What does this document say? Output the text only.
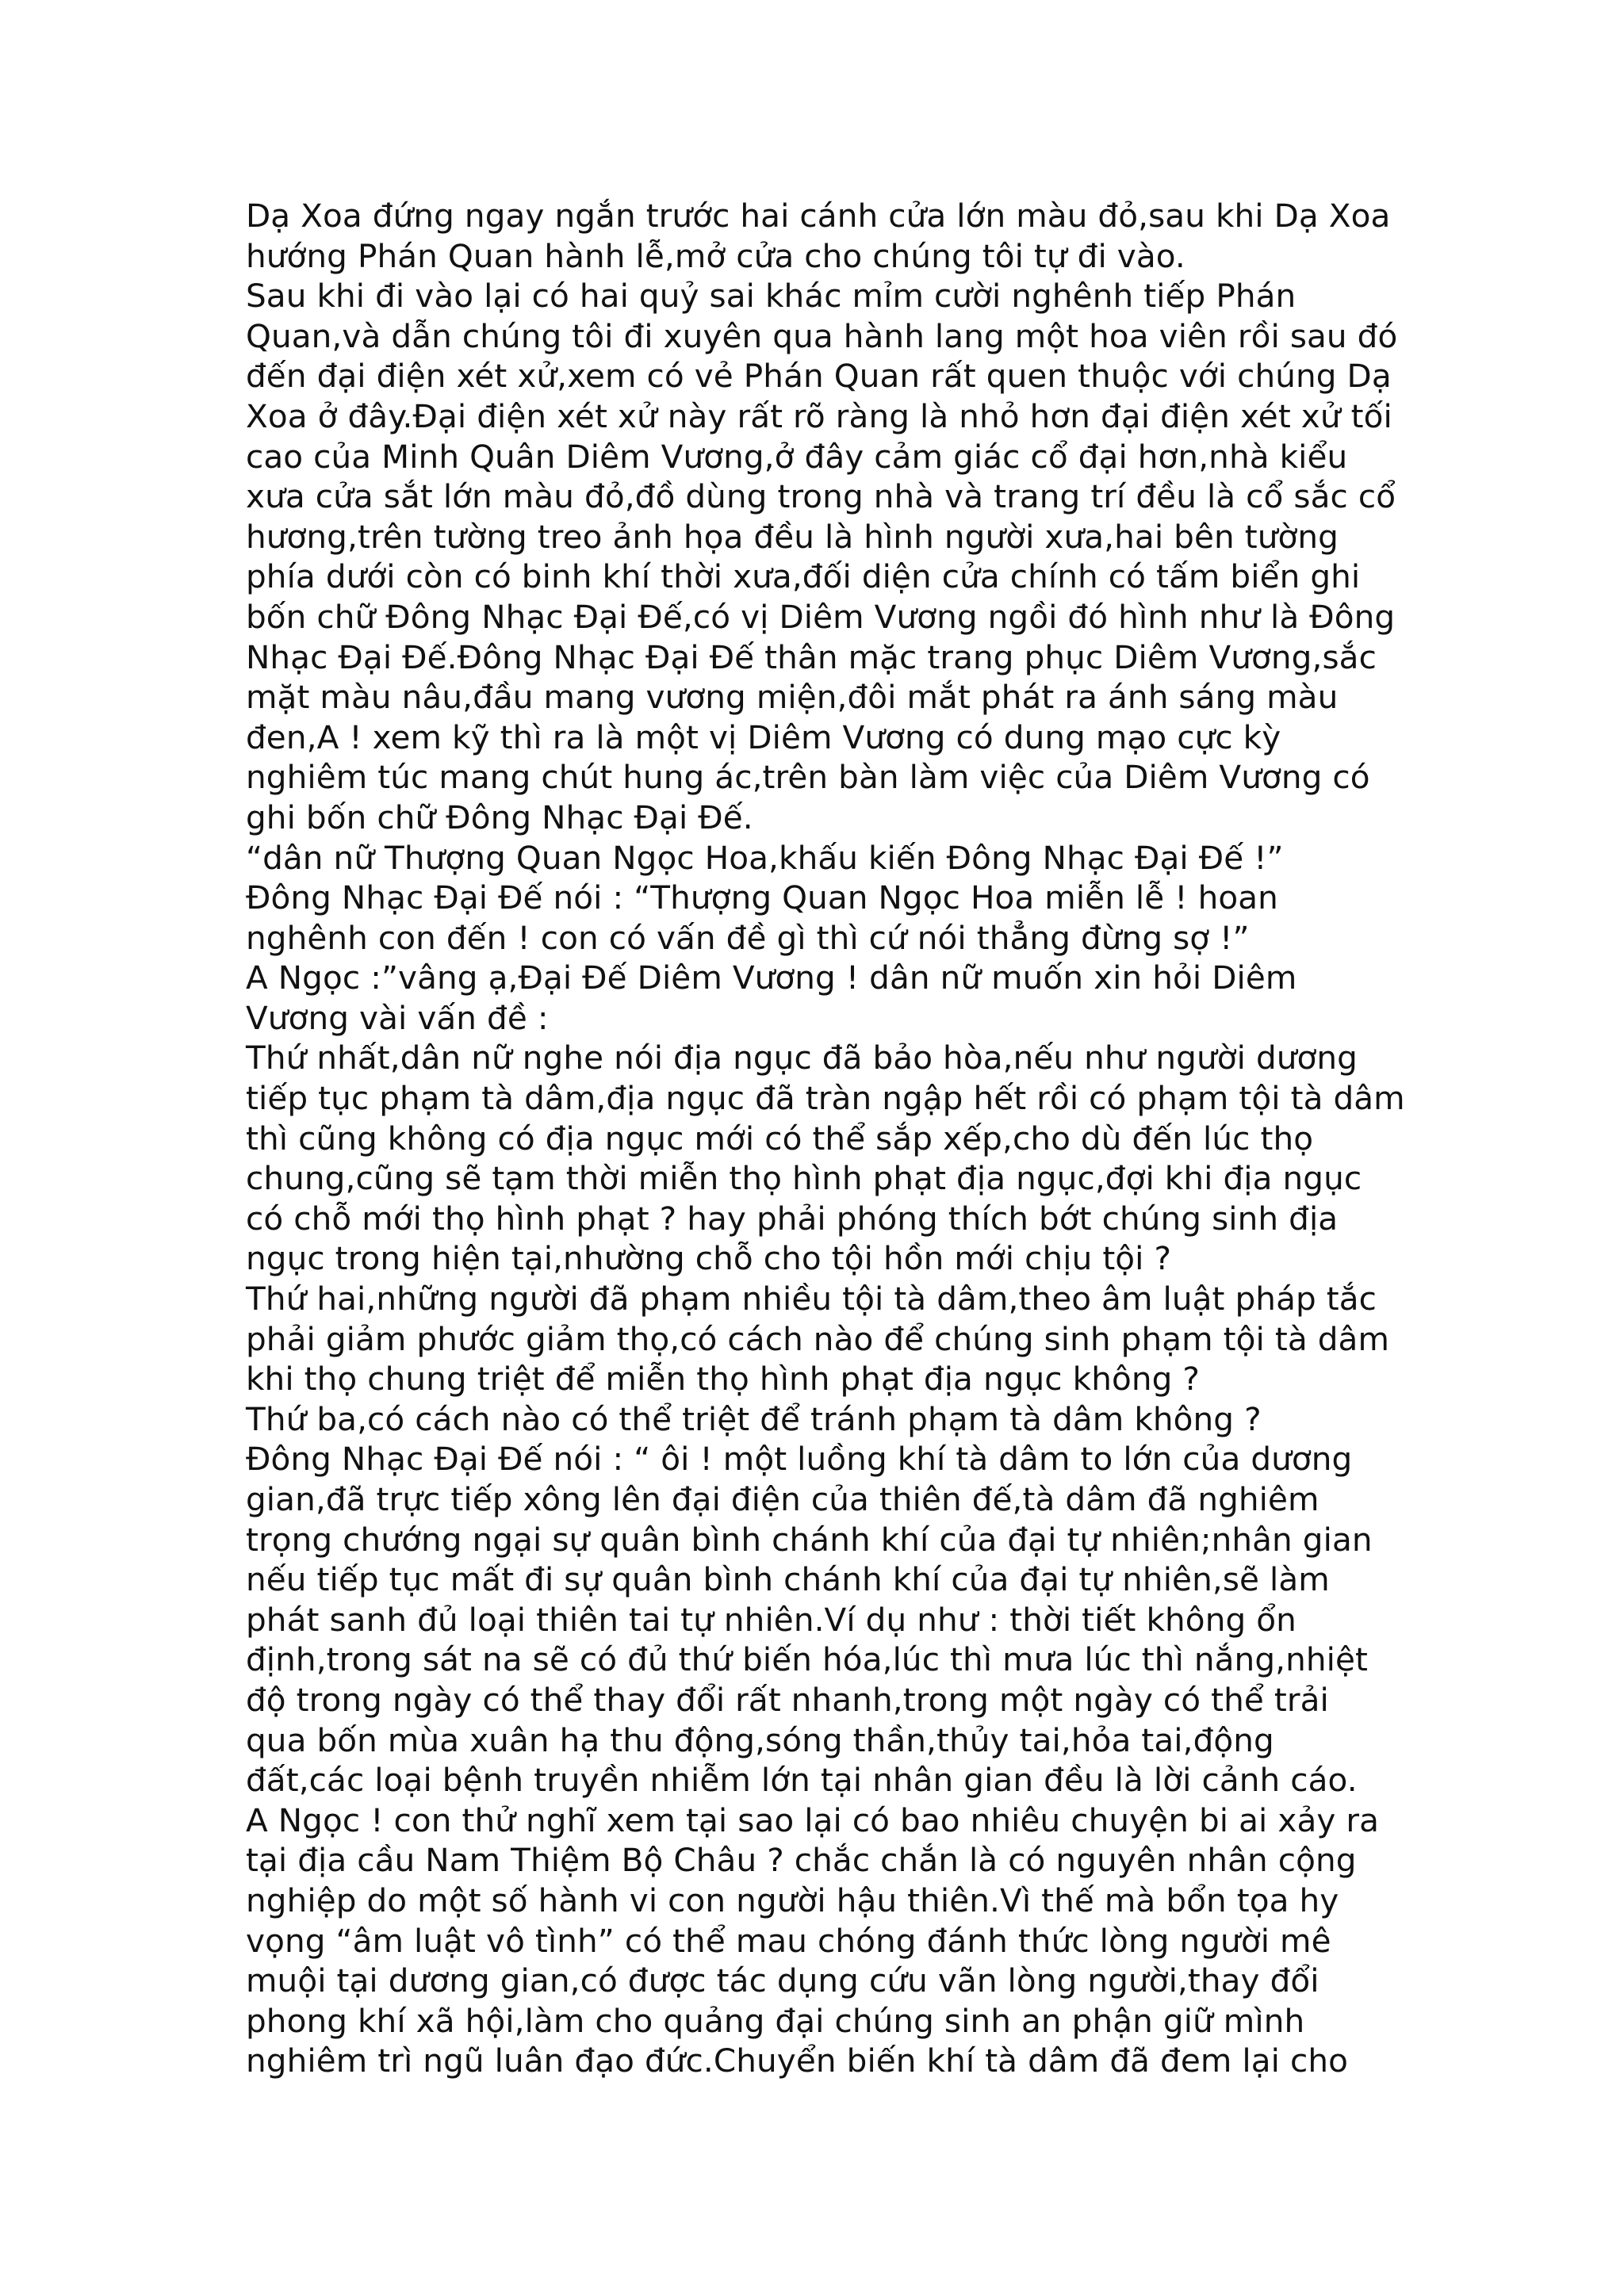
Dạ Xoa đứng ngay ngắn trước hai cánh cửa lớn màu đỏ,sau khi Dạ Xoa
hướng Phán Quan hành lễ,mở cửa cho chúng tôi tự đi vào.
Sau khi đi vào lại có hai quỷ sai khác mỉm cười nghênh tiếp Phán
Quan,và dẫn chúng tôi đi xuyên qua hành lang một hoa viên rồi sau đó
đến đại điện xét xử,xem có vẻ Phán Quan rất quen thuộc với chúng Dạ
Xoa ở đây.Đại điện xét xử này rất rõ ràng là nhỏ hơn đại điện xét xử tối
cao của Minh Quân Diêm Vương,ở đây cảm giác cổ đại hơn,nhà kiểu
xưa cửa sắt lớn màu đỏ,đồ dùng trong nhà và trang trí đều là cổ sắc cổ
hương,trên tường treo ảnh họa đều là hình người xưa,hai bên tường
phía dưới còn có binh khí thời xưa,đối diện cửa chính có tấm biển ghi
bốn chữ Đông Nhạc Đại Đế,có vị Diêm Vương ngồi đó hình như là Đông
Nhạc Đại Đế.Đông Nhạc Đại Đế thân mặc trang phục Diêm Vương,sắc
mặt màu nâu,đầu mang vương miện,đôi mắt phát ra ánh sáng màu
đen,A ! xem kỹ thì ra là một vị Diêm Vương có dung mạo cực kỳ
nghiêm túc mang chút hung ác,trên bàn làm việc của Diêm Vương có
ghi bốn chữ Đông Nhạc Đại Đế.
“dân nữ Thượng Quan Ngọc Hoa,khấu kiến Đông Nhạc Đại Đế !”
Đông Nhạc Đại Đế nói : “Thượng Quan Ngọc Hoa miễn lễ ! hoan
nghênh con đến ! con có vấn đề gì thì cứ nói thẳng đừng sợ !”
A Ngọc :”vâng ạ,Đại Đế Diêm Vương ! dân nữ muốn xin hỏi Diêm
Vương vài vấn đề :
Thứ nhất,dân nữ nghe nói địa ngục đã bảo hòa,nếu như người dương
tiếp tục phạm tà dâm,địa ngục đã tràn ngập hết rồi có phạm tội tà dâm
thì cũng không có địa ngục mới có thể sắp xếp,cho dù đến lúc thọ
chung,cũng sẽ tạm thời miễn thọ hình phạt địa ngục,đợi khi địa ngục
có chỗ mới thọ hình phạt ? hay phải phóng thích bớt chúng sinh địa
ngục trong hiện tại,nhường chỗ cho tội hồn mới chịu tội ?
Thứ hai,những người đã phạm nhiều tội tà dâm,theo âm luật pháp tắc
phải giảm phước giảm thọ,có cách nào để chúng sinh phạm tội tà dâm
khi thọ chung triệt để miễn thọ hình phạt địa ngục không ?
Thứ ba,có cách nào có thể triệt để tránh phạm tà dâm không ?
Đông Nhạc Đại Đế nói : “ ôi ! một luồng khí tà dâm to lớn của dương
gian,đã trực tiếp xông lên đại điện của thiên đế,tà dâm đã nghiêm
trọng chướng ngại sự quân bình chánh khí của đại tự nhiên;nhân gian
nếu tiếp tục mất đi sự quân bình chánh khí của đại tự nhiên,sẽ làm
phát sanh đủ loại thiên tai tự nhiên.Ví dụ như : thời tiết không ổn
định,trong sát na sẽ có đủ thứ biến hóa,lúc thì mưa lúc thì nắng,nhiệt
độ trong ngày có thể thay đổi rất nhanh,trong một ngày có thể trải
qua bốn mùa xuân hạ thu động,sóng thần,thủy tai,hỏa tai,động
đất,các loại bệnh truyền nhiễm lớn tại nhân gian đều là lời cảnh cáo.
A Ngọc ! con thử nghĩ xem tại sao lại có bao nhiêu chuyện bi ai xảy ra
tại địa cầu Nam Thiệm Bộ Châu ? chắc chắn là có nguyên nhân cộng
nghiệp do một số hành vi con người hậu thiên.Vì thế mà bổn tọa hy
vọng “âm luật vô tình” có thể mau chóng đánh thức lòng người mê
muội tại dương gian,có được tác dụng cứu vãn lòng người,thay đổi
phong khí xã hội,làm cho quảng đại chúng sinh an phận giữ mình
nghiêm trì ngũ luân đạo đức.Chuyển biến khí tà dâm đã đem lại cho
